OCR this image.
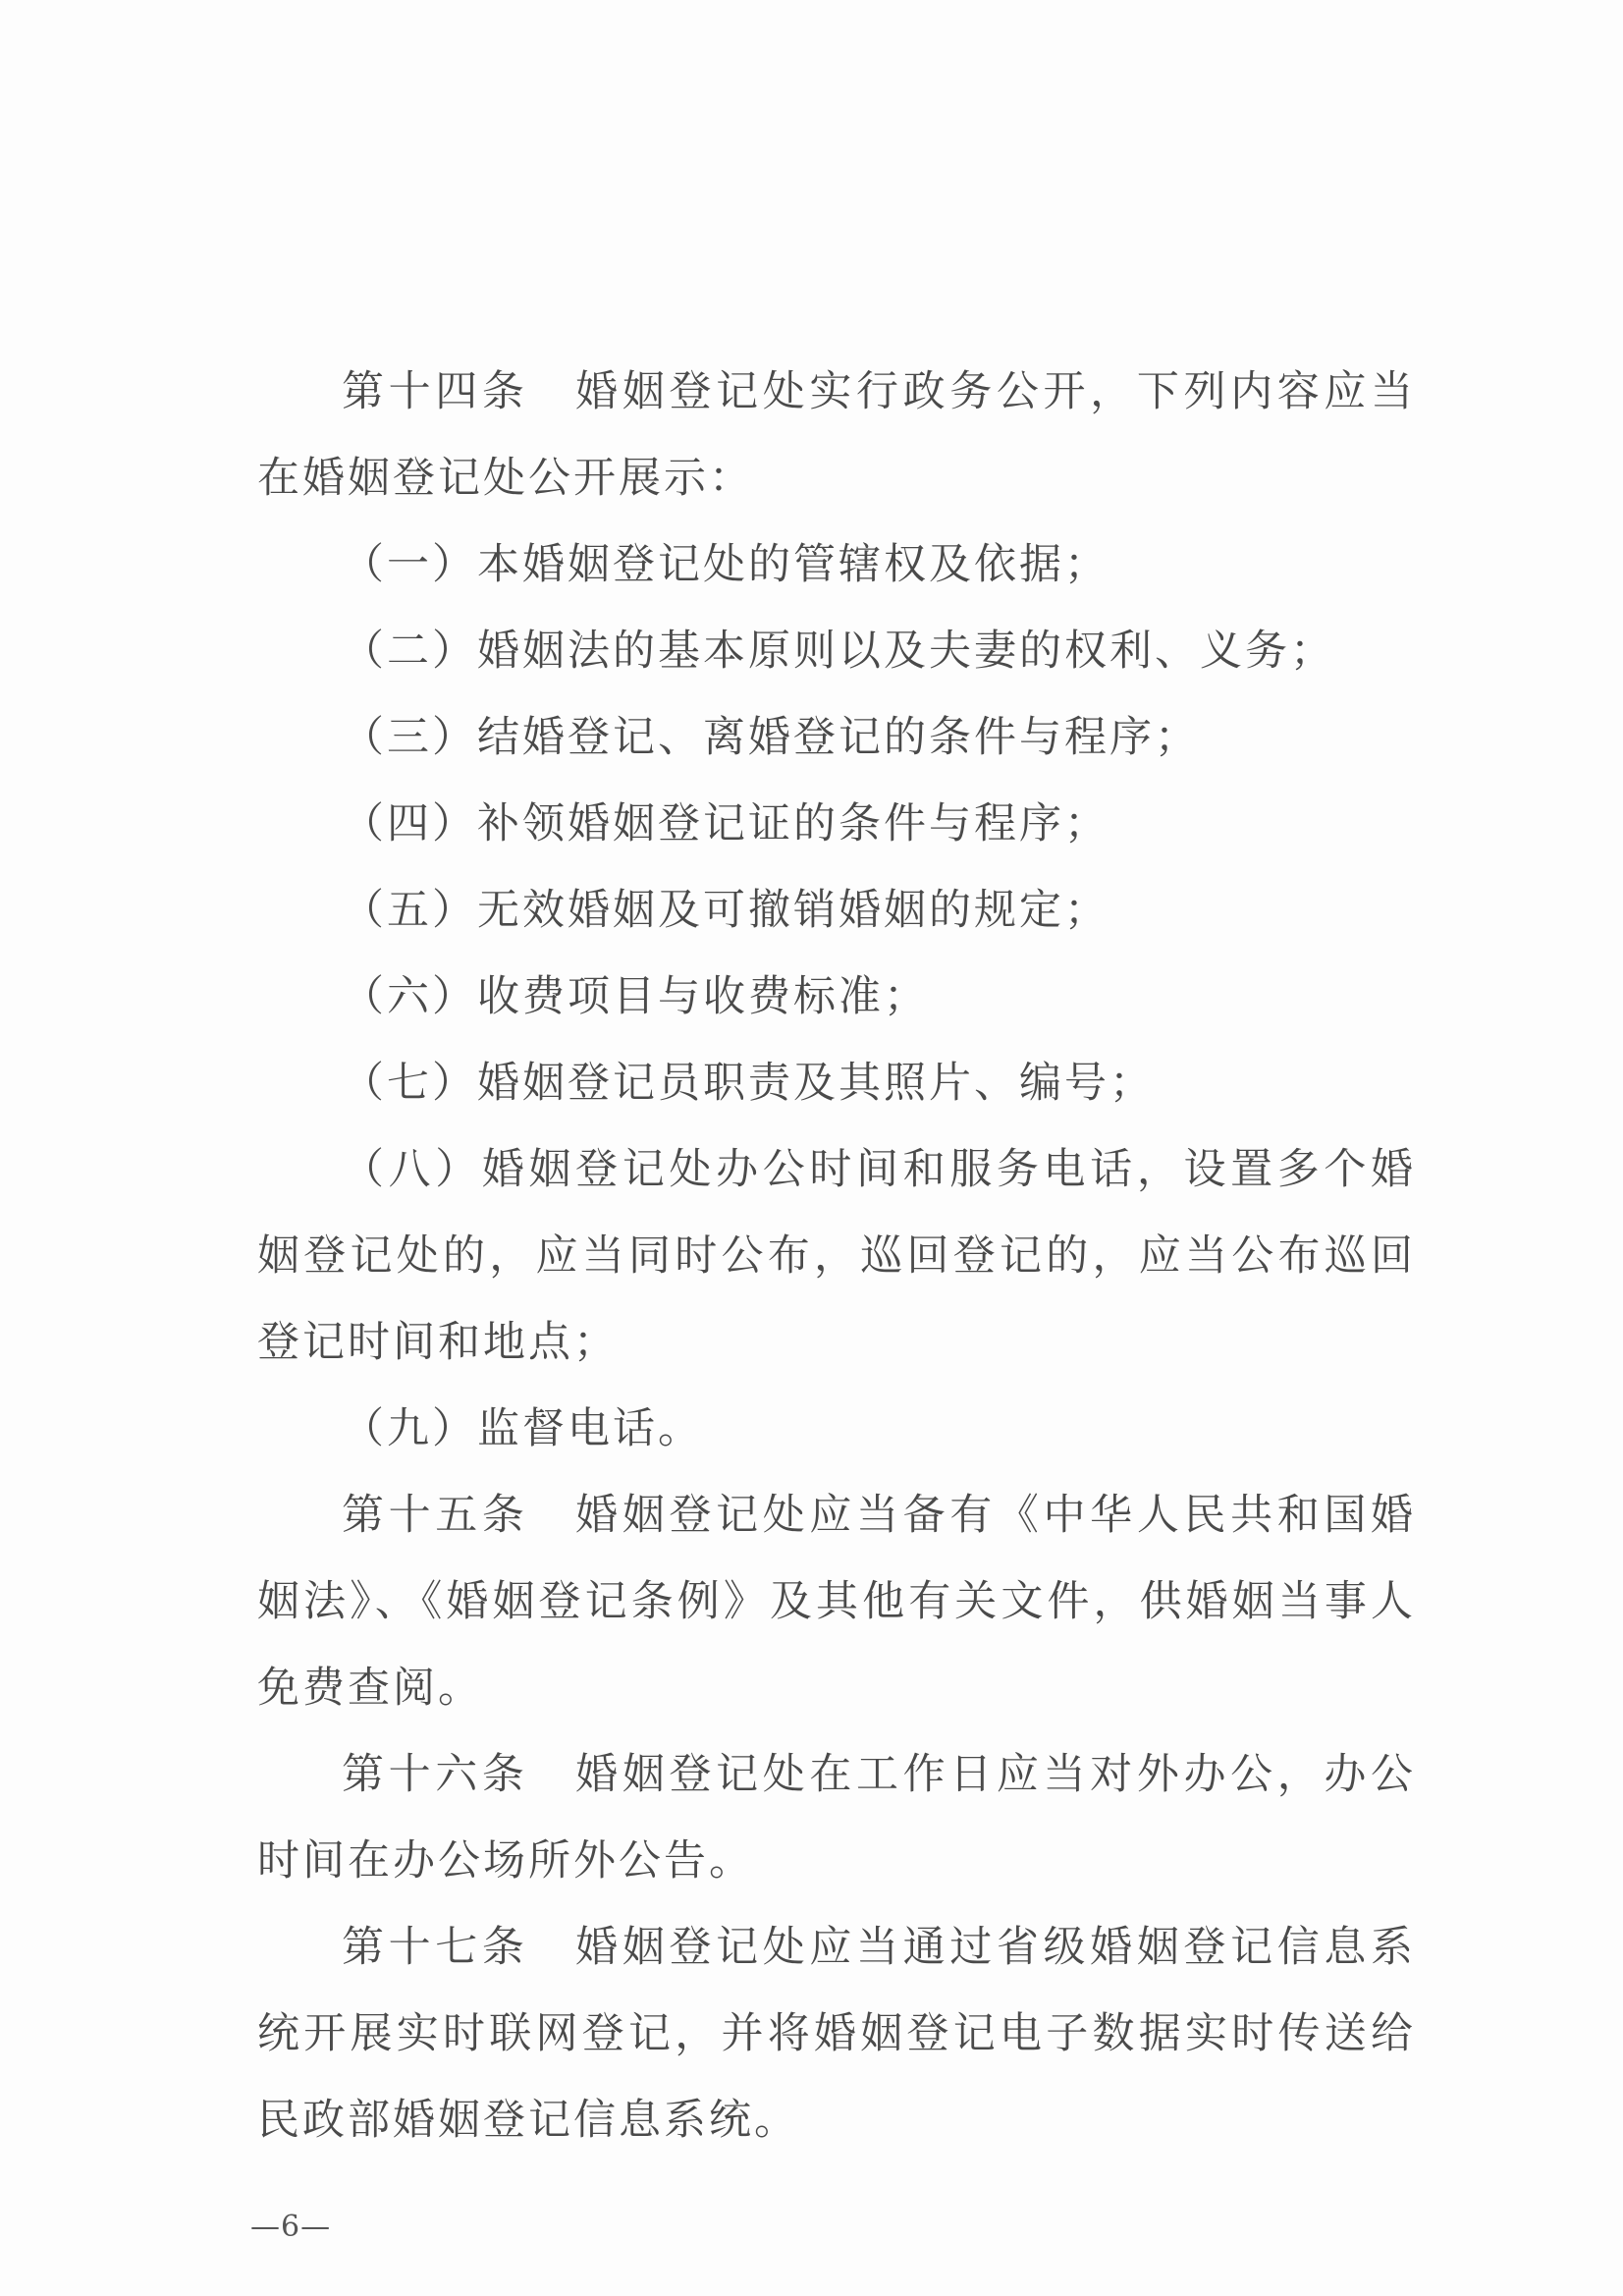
第十四条　婚姻登记处实行政务公开，下列内容应当在婚姻登记处公开展示：

（一）本婚姻登记处的管辖权及依据；

（二）婚姻法的基本原则以及夫妻的权利、义务；

（三）结婚登记、离婚登记的条件与程序；

（四）补领婚姻登记证的条件与程序；

（五）无效婚姻及可撤销婚姻的规定；

（六）收费项目与收费标准；

（七）婚姻登记员职责及其照片、编号；

（八）婚姻登记处办公时间和服务电话，设置多个婚姻登记处的，应当同时公布，巡回登记的，应当公布巡回登记时间和地点；

（九）监督电话。

第十五条　婚姻登记处应当备有《中华人民共和国婚姻法》、《婚姻登记条例》及其他有关文件，供婚姻当事人免费查阅。

第十六条　婚姻登记处在工作日应当对外办公，办公时间在办公场所外公告。

第十七条　婚姻登记处应当通过省级婚姻登记信息系统开展实时联网登记，并将婚姻登记电子数据实时传送给民政部婚姻登记信息系统。

—6—
